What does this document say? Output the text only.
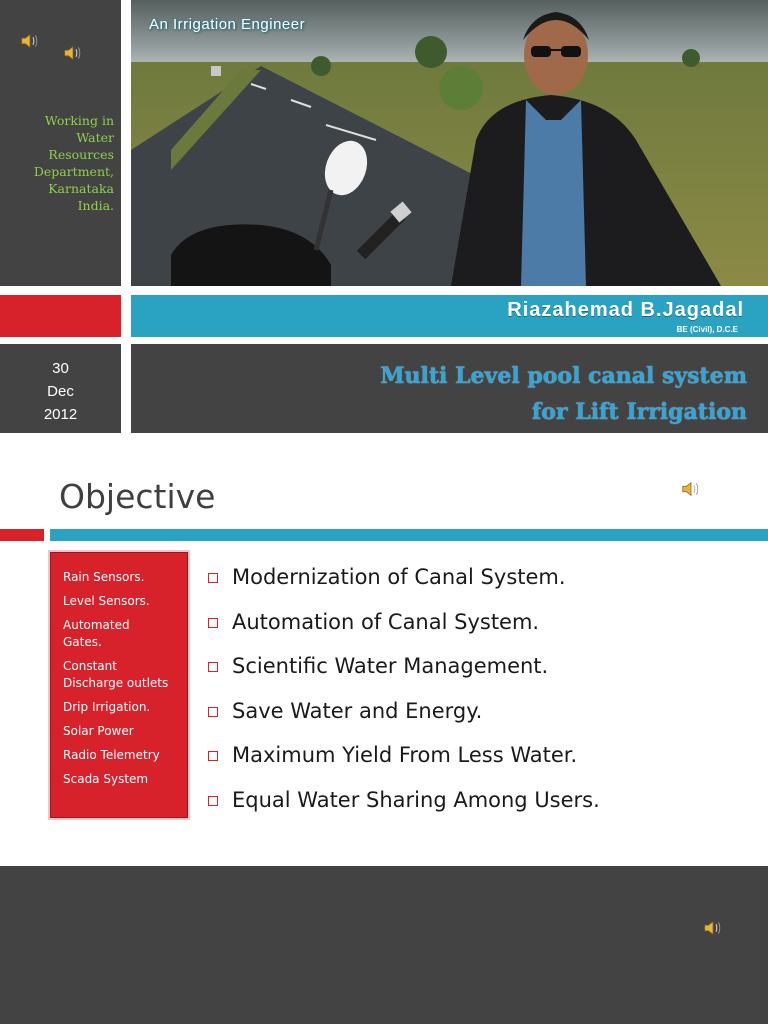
Working in
Water
Resources
Department,
Karnataka
India.
An Irrigation Engineer
Riazahemad B.Jagadal
BE (Civil), D.C.E
30
Dec
2012
Multi Level pool canal system
for Lift Irrigation
Objective
Rain Sensors.
Level Sensors.
Automated Gates.
Constant Discharge outlets
Drip Irrigation.
Solar Power
Radio Telemetry
Scada System
Modernization of Canal System.
Automation of Canal System.
Scientific Water Management.
Save Water and Energy.
Maximum Yield From Less Water.
Equal Water Sharing Among Users.
